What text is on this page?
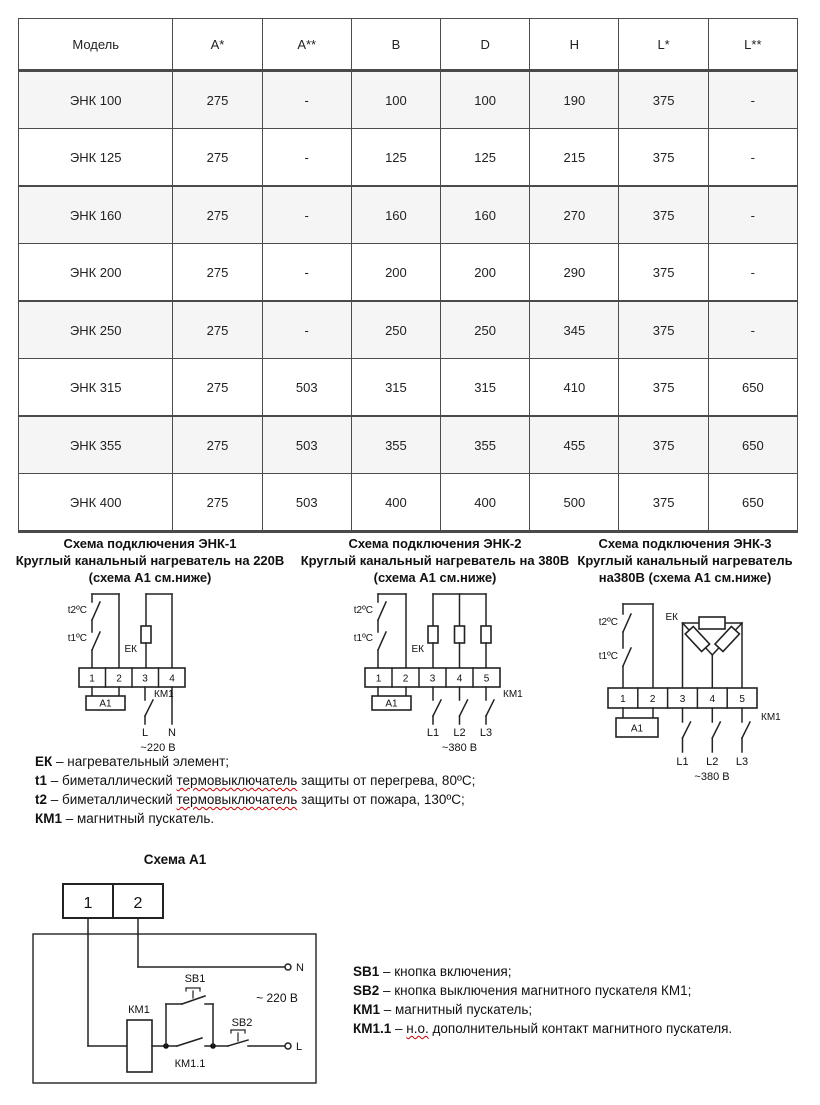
Модель	A*	A**	B	D	H	L*	L**
ЭНК 100	275	-	100	100	190	375	-
ЭНК 125	275	-	125	125	215	375	-
ЭНК 160	275	-	160	160	270	375	-
ЭНК 200	275	-	200	200	290	375	-
ЭНК 250	275	-	250	250	345	375	-
ЭНК 315	275	503	315	315	410	375	650
ЭНК 355	275	503	355	355	455	375	650
ЭНК 400	275	503	400	400	500	375	650
Схема подключения ЭНК-1
Круглый канальный нагреватель на 220В
(схема А1 см.ниже)
Схема подключения ЭНК-2
Круглый канальный нагреватель на 380В
(схема А1 см.ниже)
Схема подключения ЭНК-3
Круглый канальный нагреватель
на380В (схема А1 см.ниже)
t2ºС
t1ºС
ЕК
1 2 3 4
А1
КМ1
L N
~220 В
t2ºС
t1ºС
ЕК
1 2 3 4 5
А1
КМ1
L1 L2 L3
~380 В
t2ºС
t1ºС
ЕК
1 2 3 4 5
А1
КМ1
L1 L2 L3
~380 В
ЕК – нагревательный элемент;
t1 – биметаллический термовыключатель защиты от перегрева, 80ºС;
t2 – биметаллический термовыключатель защиты от пожара, 130ºС;
КМ1 – магнитный пускатель.
Схема А1
1	2
N
КМ1
КМ1.1
SB1
SB2
L
~ 220 В
SB1 – кнопка включения;
SB2 – кнопка выключения магнитного пускателя КМ1;
КМ1 – магнитный пускатель;
КМ1.1 – н.о. дополнительный контакт магнитного пускателя.
